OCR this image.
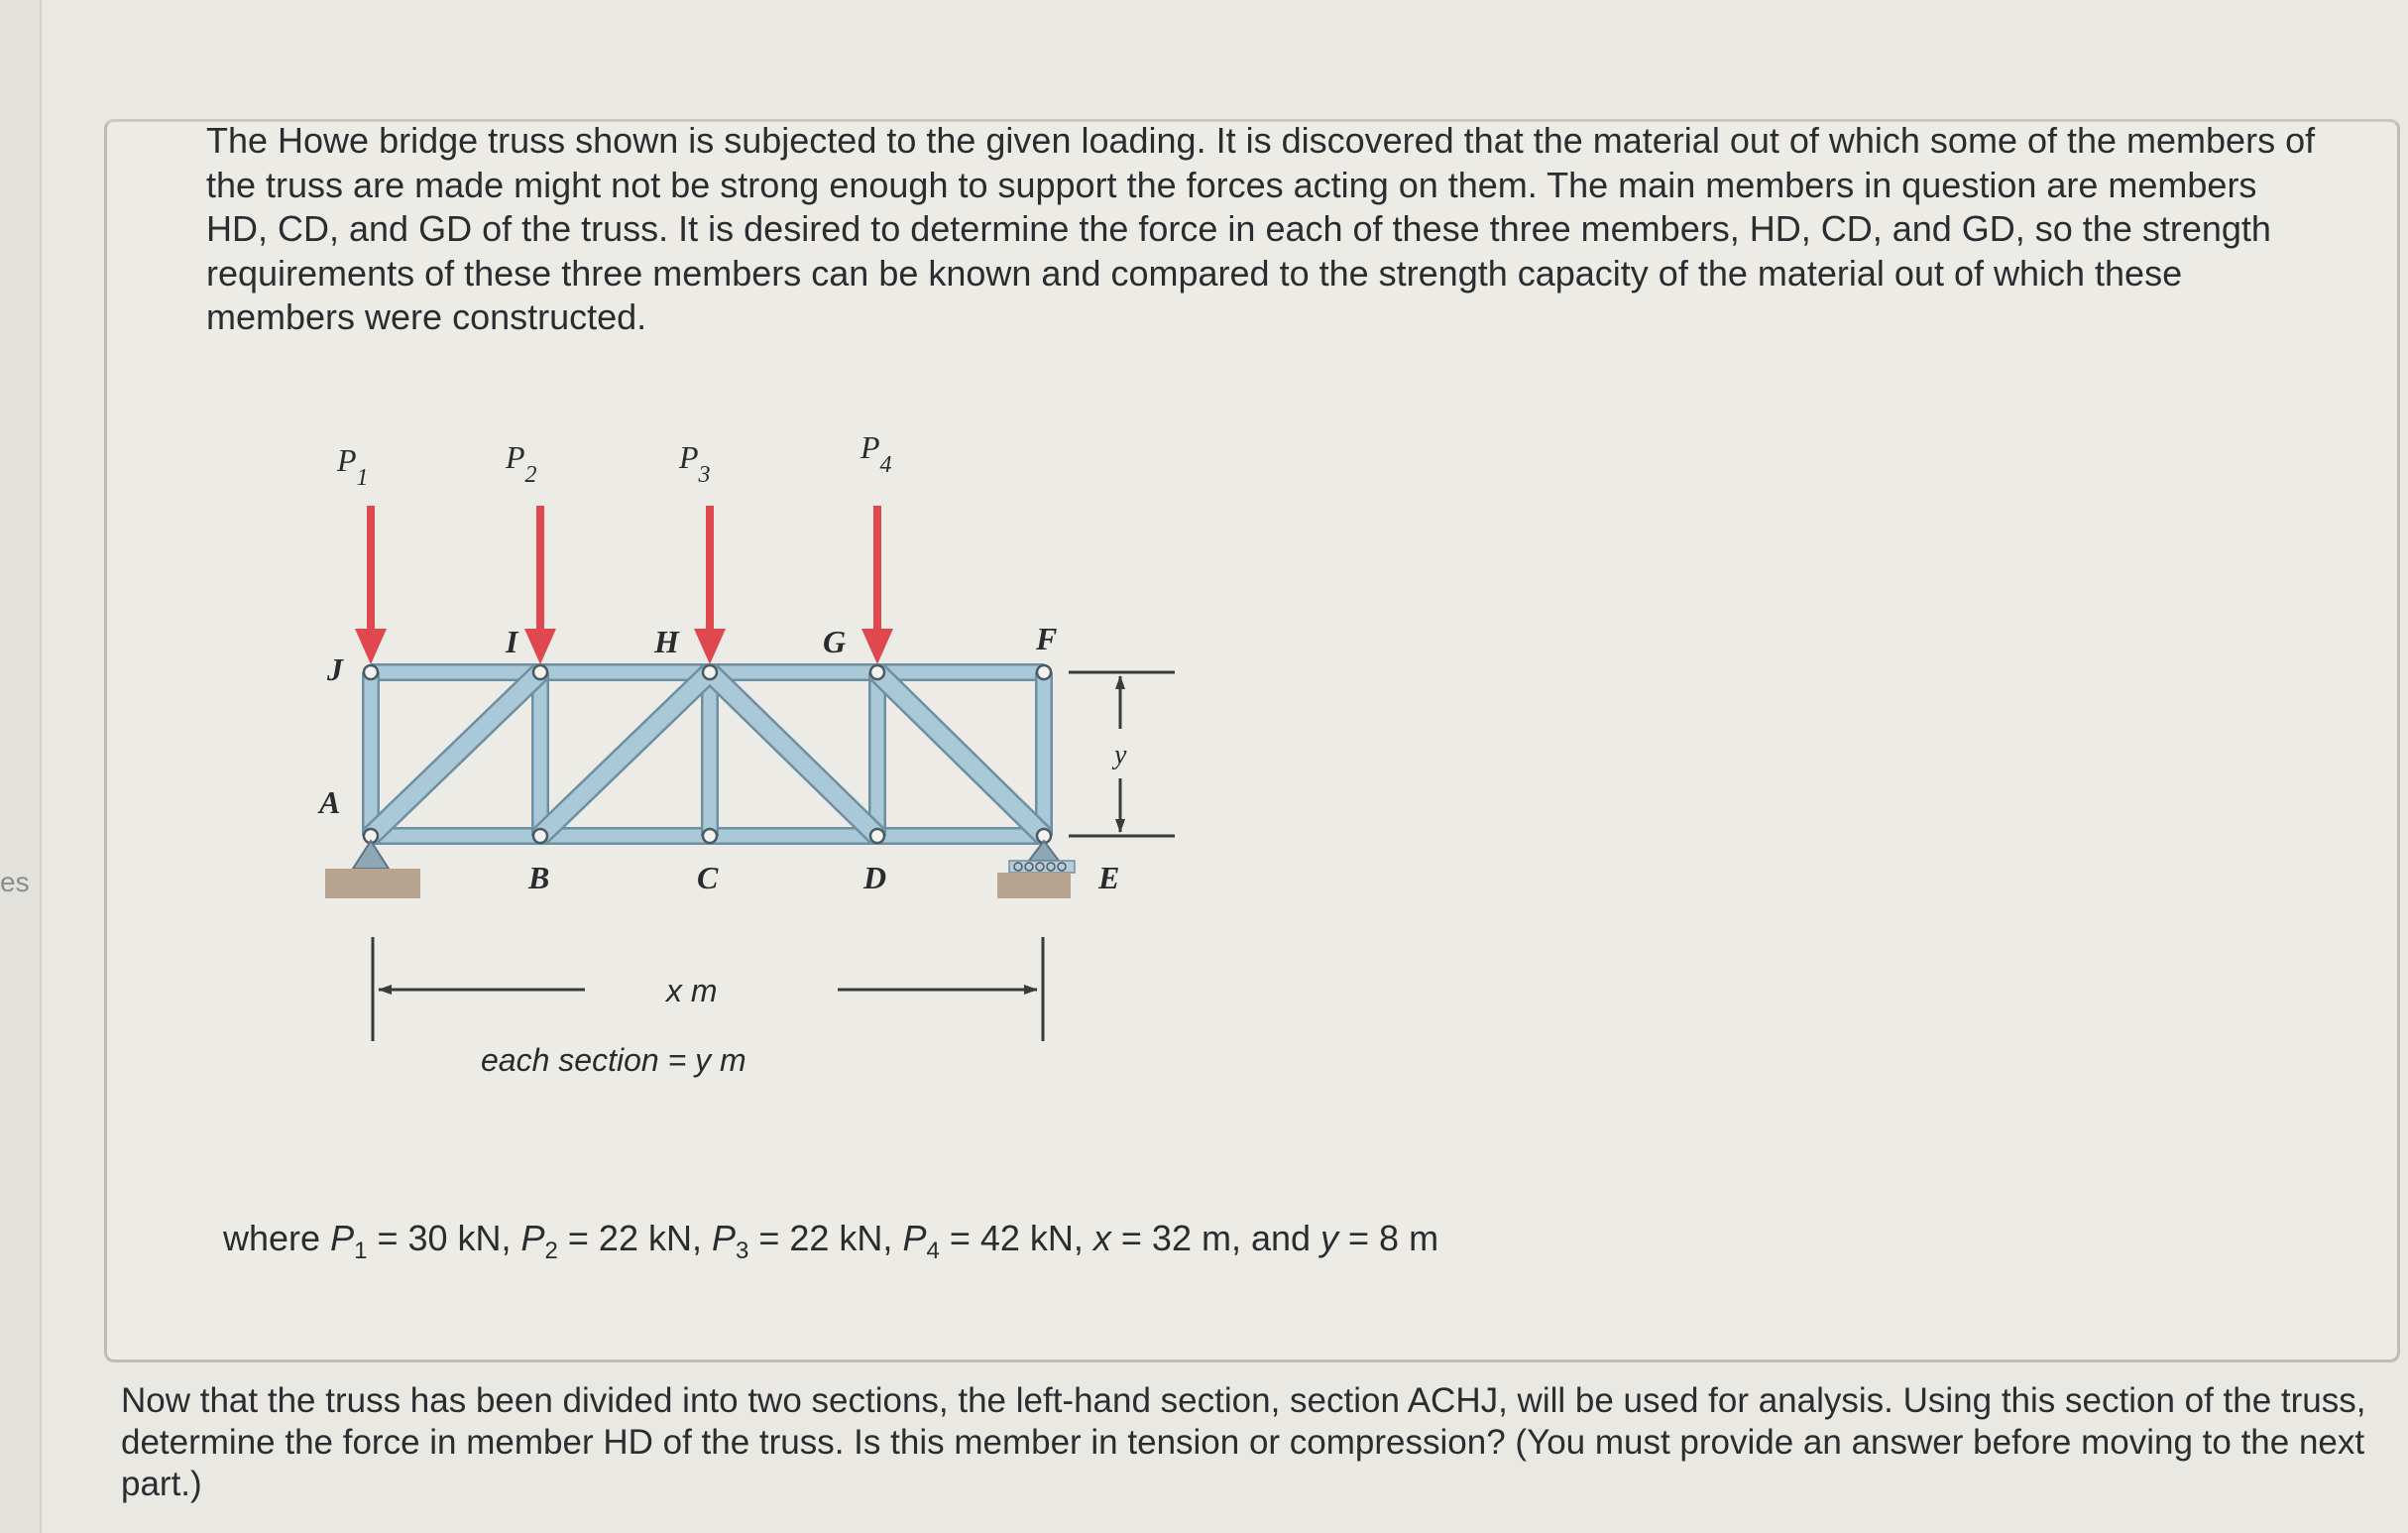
es

The Howe bridge truss shown is subjected to the given loading. It is discovered that the material out of which some of the members of the truss are made might not be strong enough to support the forces acting on them. The main members in question are members HD, CD, and GD of the truss. It is desired to determine the force in each of these three members, HD, CD, and GD, so the strength requirements of these three members can be known and compared to the strength capacity of the material out of which these members were constructed.

$P_1$
$P_2$	$P_3$
$P_4$
J
I	H	G	F
A
B	C	D	E
y
x m
each section = y m

where $P_1 = 30$ kN, $P_2 = 22$ kN, $P_3 = 22$ kN, $P_4 = 42$ kN, x = 32 m, and y = 8 m

Now that the truss has been divided into two sections, the left-hand section, section ACHJ, will be used for analysis. Using this section of the truss, determine the force in member HD of the truss. Is this member in tension or compression? (You must provide an answer before moving to the next part.)
